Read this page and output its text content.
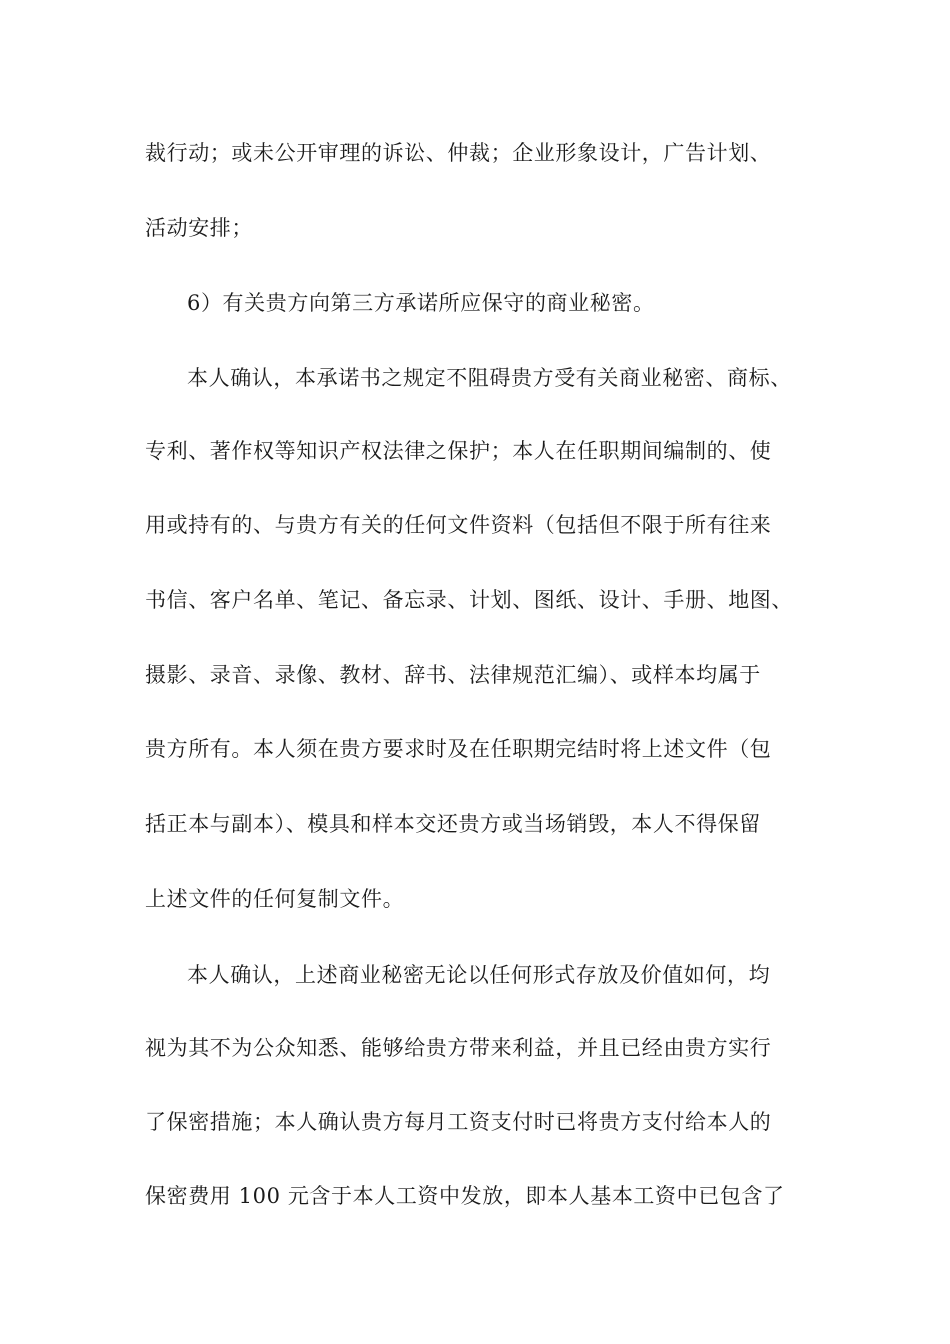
裁行动；或未公开审理的诉讼、仲裁；企业形象设计，广告计划、
活动安排；
6）有关贵方向第三方承诺所应保守的商业秘密。
本人确认，本承诺书之规定不阻碍贵方受有关商业秘密、商标、
专利、著作权等知识产权法律之保护；本人在任职期间编制的、使
用或持有的、与贵方有关的任何文件资料（包括但不限于所有往来
书信、客户名单、笔记、备忘录、计划、图纸、设计、手册、地图、
摄影、录音、录像、教材、辞书、法律规范汇编）、或样本均属于
贵方所有。本人须在贵方要求时及在任职期完结时将上述文件（包
括正本与副本）、模具和样本交还贵方或当场销毁，本人不得保留
上述文件的任何复制文件。
本人确认，上述商业秘密无论以任何形式存放及价值如何，均
视为其不为公众知悉、能够给贵方带来利益，并且已经由贵方实行
了保密措施；本人确认贵方每月工资支付时已将贵方支付给本人的
保密费用 100 元含于本人工资中发放，即本人基本工资中已包含了
